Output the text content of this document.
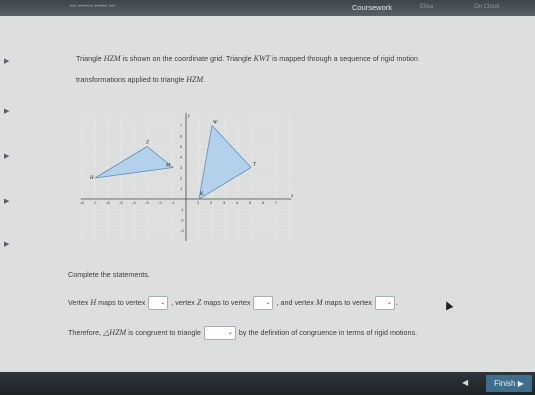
••• ••••••• •••••• •••	Coursework	Elisa	On Cloud
▶
▶
▶
▶
▶
Triangle HZM is shown on the coordinate grid. Triangle KWT is mapped through a sequence of rigid motion
transformations applied to triangle HZM.
-8 -7 -6 -5 -4 -3 -2 -1	1	2	3	4	5	6	7
7
6
5
4
3
2
1
-1
-2
-3
Z
H
M
W
T
K
y
x
Complete the statements.
Vertex H maps to vertex ⌄ , vertex Z maps to vertex ⌄ , and vertex M maps to vertex ⌄ .
Therefore, △HZM is congruent to triangle	⌄ by the definition of congruence in terms of rigid motions.
◀	Finish ▶
